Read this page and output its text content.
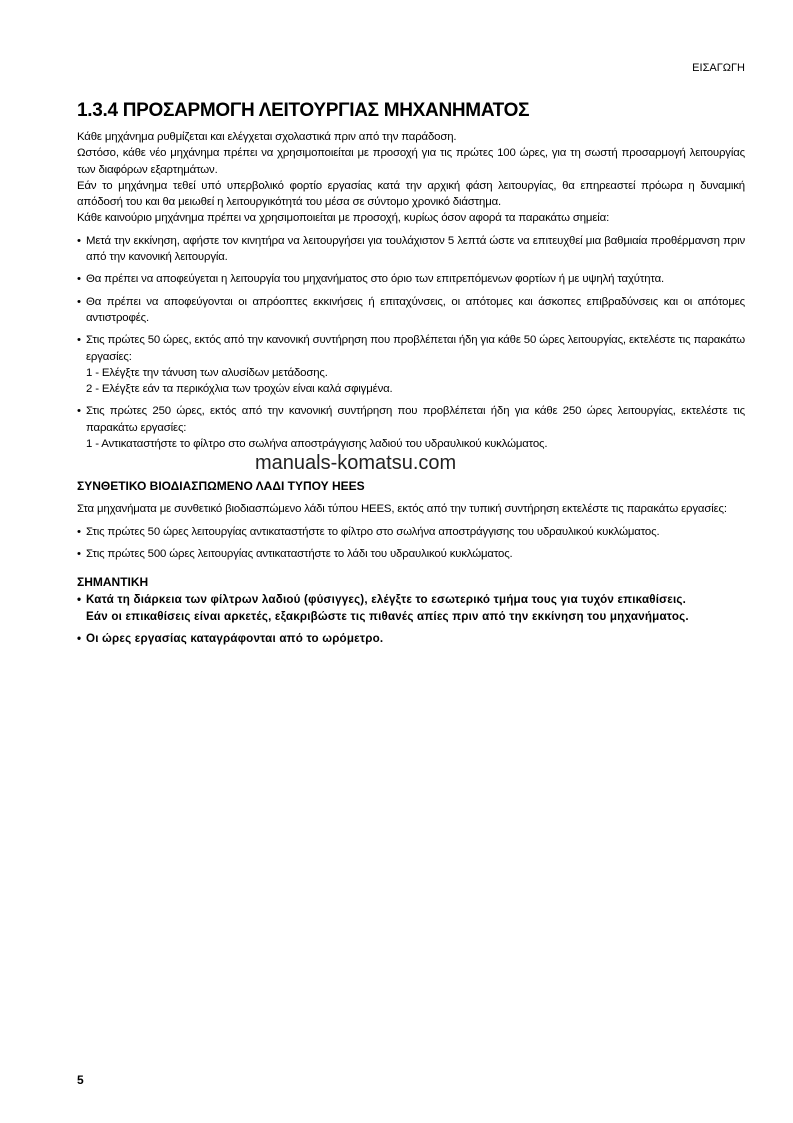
ΕΙΣΑΓΩΓΗ
1.3.4 ΠΡΟΣΑΡΜΟΓΗ ΛΕΙΤΟΥΡΓΙΑΣ ΜΗΧΑΝΗΜΑΤΟΣ

Κάθε μηχάνημα ρυθμίζεται και ελέγχεται σχολαστικά πριν από την παράδοση.

Ωστόσο, κάθε νέο μηχάνημα πρέπει να χρησιμοποιείται με προσοχή για τις πρώτες 100 ώρες, για τη σωστή προσαρμογή λειτουργίας των διαφόρων εξαρτημάτων.

Εάν το μηχάνημα τεθεί υπό υπερβολικό φορτίο εργασίας κατά την αρχική φάση λειτουργίας, θα επηρεαστεί πρόωρα η δυναμική απόδοσή του και θα μειωθεί η λειτουργικότητά του μέσα σε σύντομο χρονικό διάστημα.

Κάθε καινούριο μηχάνημα πρέπει να χρησιμοποιείται με προσοχή, κυρίως όσον αφορά τα παρακάτω σημεία:

• Μετά την εκκίνηση, αφήστε τον κινητήρα να λειτουργήσει για τουλάχιστον 5 λεπτά ώστε να επιτευχθεί μια βαθμιαία προθέρμανση πριν από την κανονική λειτουργία.
• Θα πρέπει να αποφεύγεται η λειτουργία του μηχανήματος στο όριο των επιτρεπόμενων φορτίων ή με υψηλή ταχύτητα.
• Θα πρέπει να αποφεύγονται οι απρόοπτες εκκινήσεις ή επιταχύνσεις, οι απότομες και άσκοπες επιβραδύνσεις και οι απότομες αντιστροφές.
• Στις πρώτες 50 ώρες, εκτός από την κανονική συντήρηση που προβλέπεται ήδη για κάθε 50 ώρες λειτουργίας, εκτελέστε τις παρακάτω εργασίες:
1 - Ελέγξτε την τάνυση των αλυσίδων μετάδοσης.
2 - Ελέγξτε εάν τα περικόχλια των τροχών είναι καλά σφιγμένα.
• Στις πρώτες 250 ώρες, εκτός από την κανονική συντήρηση που προβλέπεται ήδη για κάθε 250 ώρες λειτουργίας, εκτελέστε τις παρακάτω εργασίες:
1 - Αντικαταστήστε το φίλτρο στο σωλήνα αποστράγγισης λαδιού του υδραυλικού κυκλώματος.
manuals-komatsu.com
ΣΥΝΘΕΤΙΚΟ ΒΙΟΔΙΑΣΠΩΜΕΝΟ ΛΑΔΙ ΤΥΠΟΥ HEES

Στα μηχανήματα με συνθετικό βιοδιασπώμενο λάδι τύπου HEES, εκτός από την τυπική συντήρηση εκτελέστε τις παρακάτω εργασίες:

• Στις πρώτες 50 ώρες λειτουργίας αντικαταστήστε το φίλτρο στο σωλήνα αποστράγγισης του υδραυλικού κυκλώματος.
• Στις πρώτες 500 ώρες λειτουργίας αντικαταστήστε το λάδι του υδραυλικού κυκλώματος.
ΣΗΜΑΝΤΙΚΗ
• Κατά τη διάρκεια των φίλτρων λαδιού (φύσιγγες), ελέγξτε το εσωτερικό τμήμα τους για τυχόν επικαθίσεις.
Εάν οι επικαθίσεις είναι αρκετές, εξακριβώστε τις πιθανές απίες πριν από την εκκίνηση του μηχανήματος.
• Οι ώρες εργασίας καταγράφονται από το ωρόμετρο.
5
